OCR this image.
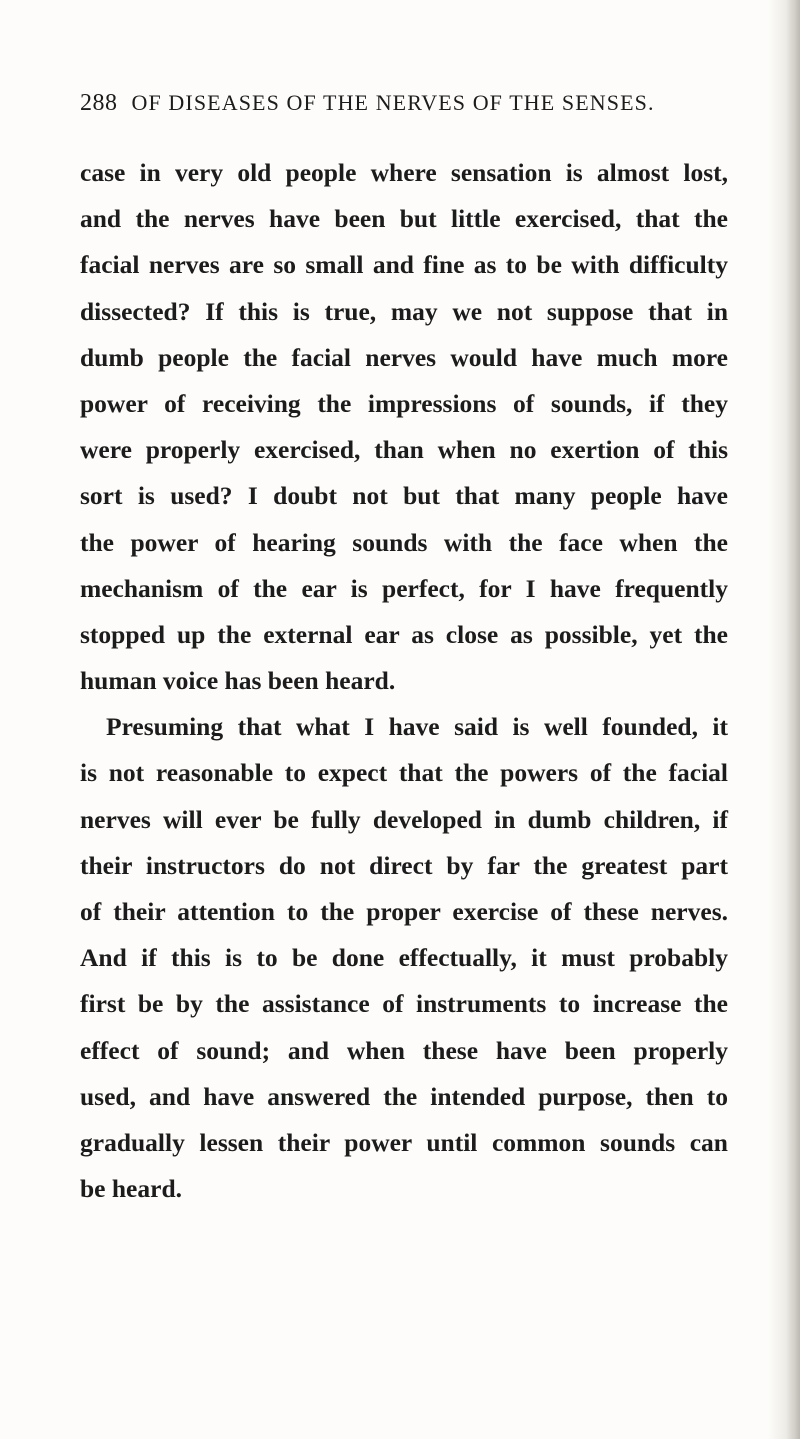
288 OF DISEASES OF THE NERVES OF THE SENSES.
case in very old people where sensation is almost lost,
and the nerves have been but little exercised, that the
facial nerves are so small and fine as to be with difficulty
dissected? If this is true, may we not suppose that in
dumb people the facial nerves would have much more
power of receiving the impressions of sounds, if they
were properly exercised, than when no exertion of this
sort is used? I doubt not but that many people have
the power of hearing sounds with the face when the
mechanism of the ear is perfect, for I have frequently
stopped up the external ear as close as possible, yet the
human voice has been heard.
Presuming that what I have said is well founded, it
is not reasonable to expect that the powers of the facial
nerves will ever be fully developed in dumb children, if
their instructors do not direct by far the greatest part
of their attention to the proper exercise of these nerves.
And if this is to be done effectually, it must probably
first be by the assistance of instruments to increase the
effect of sound; and when these have been properly
used, and have answered the intended purpose, then to
gradually lessen their power until common sounds can
be heard.
